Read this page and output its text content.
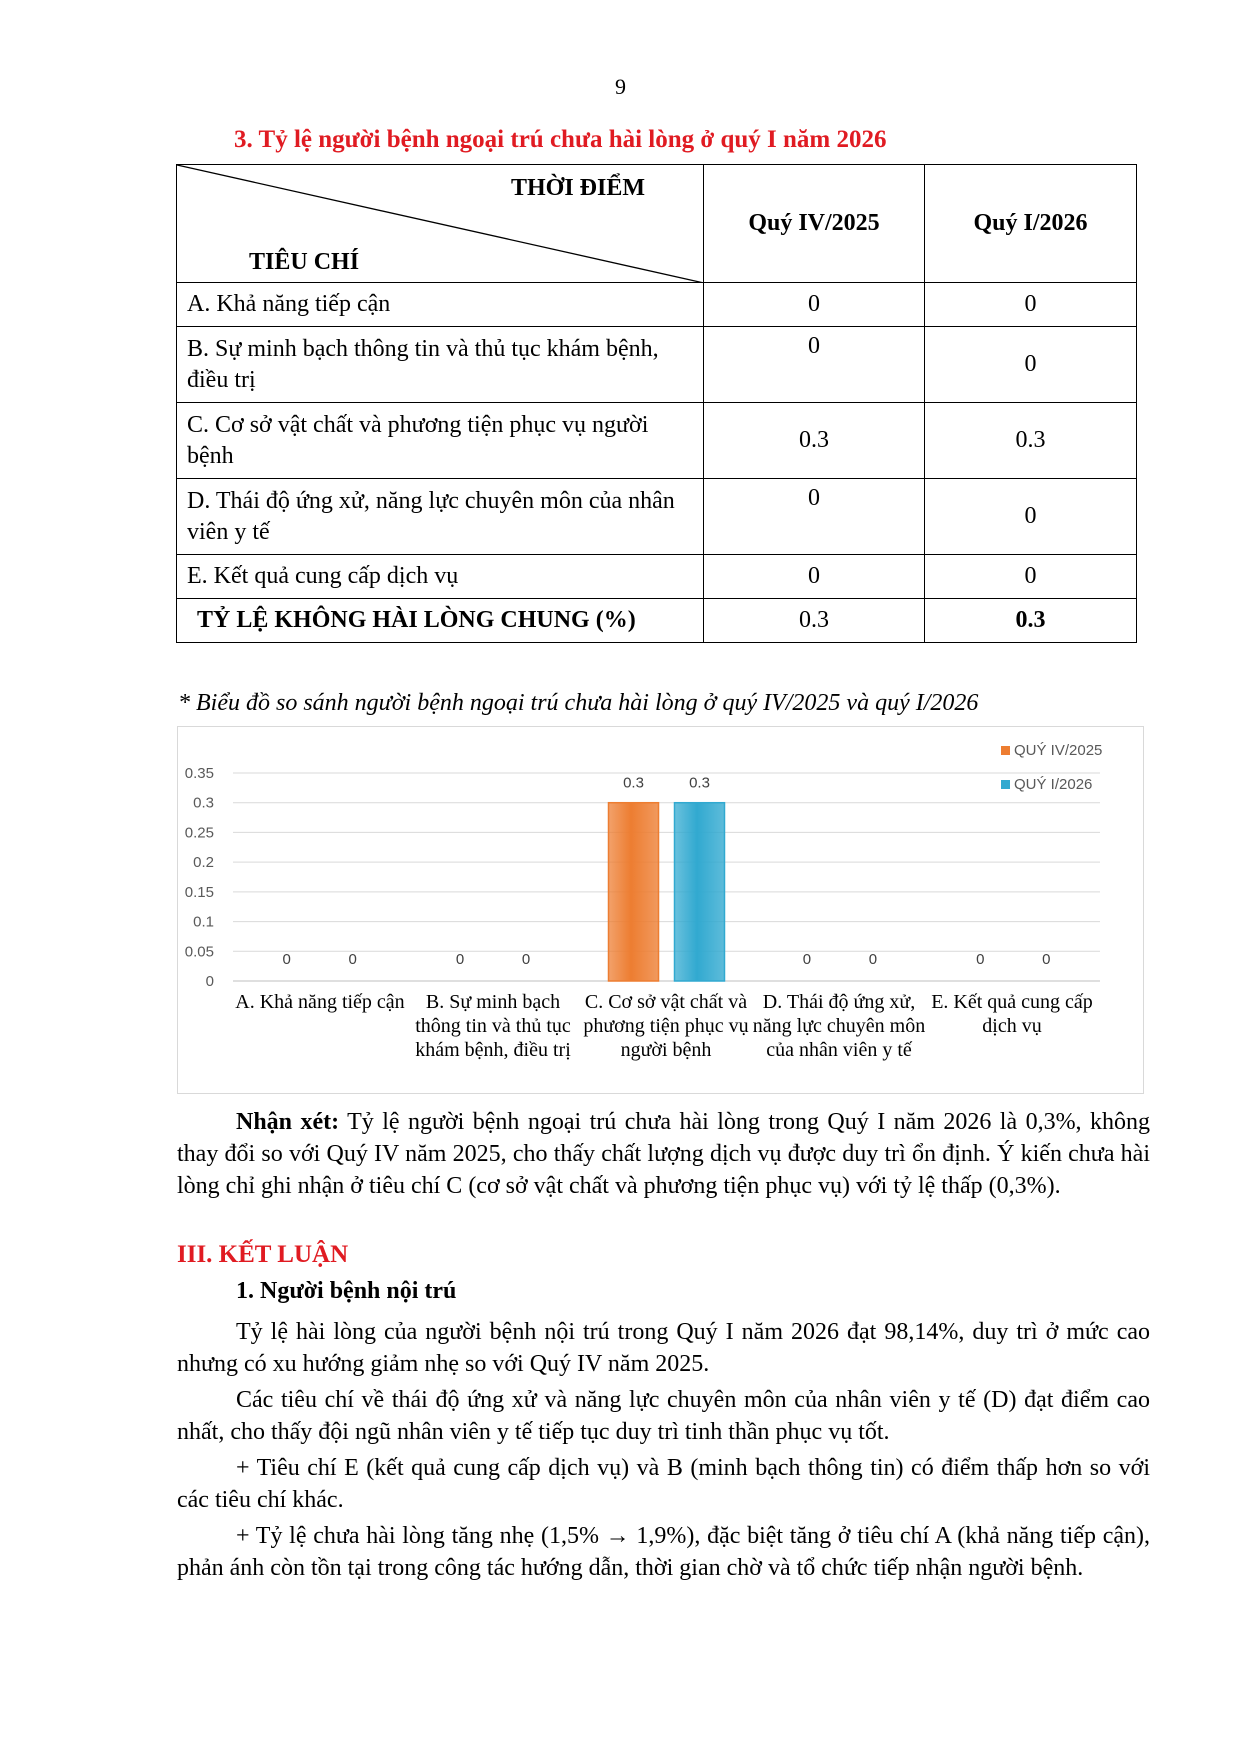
9
3. Tỷ lệ người bệnh ngoại trú chưa hài lòng ở quý I năm 2026
THỜI ĐIỂM
TIÊU CHÍ	Quý IV/2025	Quý I/2026
A. Khả năng tiếp cận	0	0
B. Sự minh bạch thông tin và thủ tục khám bệnh, điều trị	0	0
C. Cơ sở vật chất và phương tiện phục vụ người bệnh	0.3	0.3
D. Thái độ ứng xử, năng lực chuyên môn của nhân viên y tế	0	0
E. Kết quả cung cấp dịch vụ	0	0
TỶ LỆ KHÔNG HÀI LÒNG CHUNG (%)	0.3	0.3
* Biểu đồ so sánh người bệnh ngoại trú chưa hài lòng ở quý IV/2025 và quý I/2026
0
0.05
0.1
0.15
0.2
0.25
0.3
0.35
0	0	0	0
0.3	0.3
0	0	0	0
QUÝ IV/2025
QUÝ I/2026
A. Khả năng tiếp cận	B. Sự minh bạch thông tin và thủ tục khám bệnh, điều trị
C. Cơ sở vật chất và phương tiện phục vụ người bệnh
D. Thái độ ứng xử, năng lực chuyên môn của nhân viên y tế
E. Kết quả cung cấp dịch vụ
Nhận xét: Tỷ lệ người bệnh ngoại trú chưa hài lòng trong Quý I năm 2026 là 0,3%, không thay đổi so với Quý IV năm 2025, cho thấy chất lượng dịch vụ được duy trì ổn định. Ý kiến chưa hài lòng chỉ ghi nhận ở tiêu chí C (cơ sở vật chất và phương tiện phục vụ) với tỷ lệ thấp (0,3%).
III. KẾT LUẬN
1. Người bệnh nội trú
Tỷ lệ hài lòng của người bệnh nội trú trong Quý I năm 2026 đạt 98,14%, duy trì ở mức cao nhưng có xu hướng giảm nhẹ so với Quý IV năm 2025.
Các tiêu chí về thái độ ứng xử và năng lực chuyên môn của nhân viên y tế (D) đạt điểm cao nhất, cho thấy đội ngũ nhân viên y tế tiếp tục duy trì tinh thần phục vụ tốt.
+ Tiêu chí E (kết quả cung cấp dịch vụ) và B (minh bạch thông tin) có điểm thấp hơn so với các tiêu chí khác.
+ Tỷ lệ chưa hài lòng tăng nhẹ (1,5% → 1,9%), đặc biệt tăng ở tiêu chí A (khả năng tiếp cận), phản ánh còn tồn tại trong công tác hướng dẫn, thời gian chờ và tổ chức tiếp nhận người bệnh.
